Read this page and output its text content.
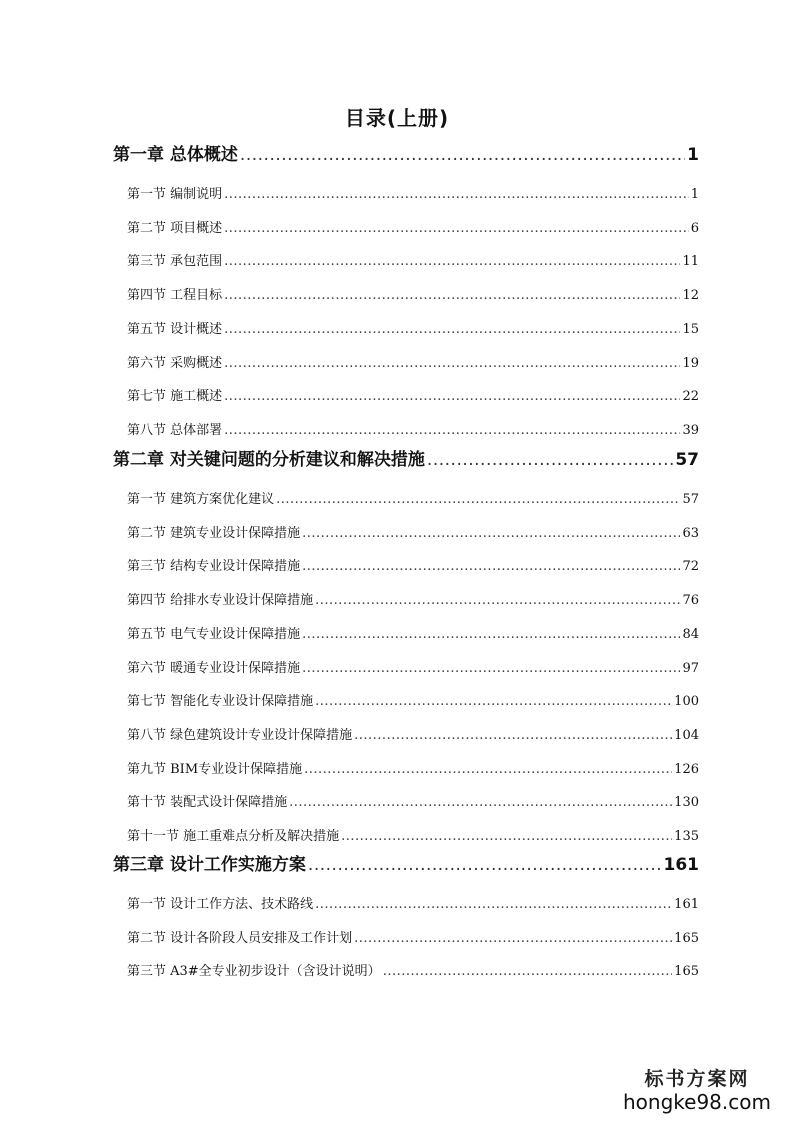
目录(上册)
第一章 总体概述 .....	1
第一节 编制说明 .....	1
第二节 项目概述 .....	6
第三节 承包范围 .....	11
第四节 工程目标 .....	12
第五节 设计概述 .....	15
第六节 采购概述 .....	19
第七节 施工概述 .....	22
第八节 总体部署 .....	39
第二章 对关键问题的分析建议和解决措施 .....	57
第一节 建筑方案优化建议 .....	57
第二节 建筑专业设计保障措施 .....	63
第三节 结构专业设计保障措施 .....	72
第四节 给排水专业设计保障措施 .....	76
第五节 电气专业设计保障措施 .....	84
第六节 暖通专业设计保障措施 .....	97
第七节 智能化专业设计保障措施 .....	100
第八节 绿色建筑设计专业设计保障措施 .....	104
第九节 BIM专业设计保障措施 .....	126
第十节 装配式设计保障措施 .....	130
第十一节 施工重难点分析及解决措施 .....	135
第三章 设计工作实施方案 .....	161
第一节 设计工作方法、技术路线 .....	161
第二节 设计各阶段人员安排及工作计划 .....	165
第三节 A3#全专业初步设计（含设计说明） .....	165
标书方案网
hongke98.com
